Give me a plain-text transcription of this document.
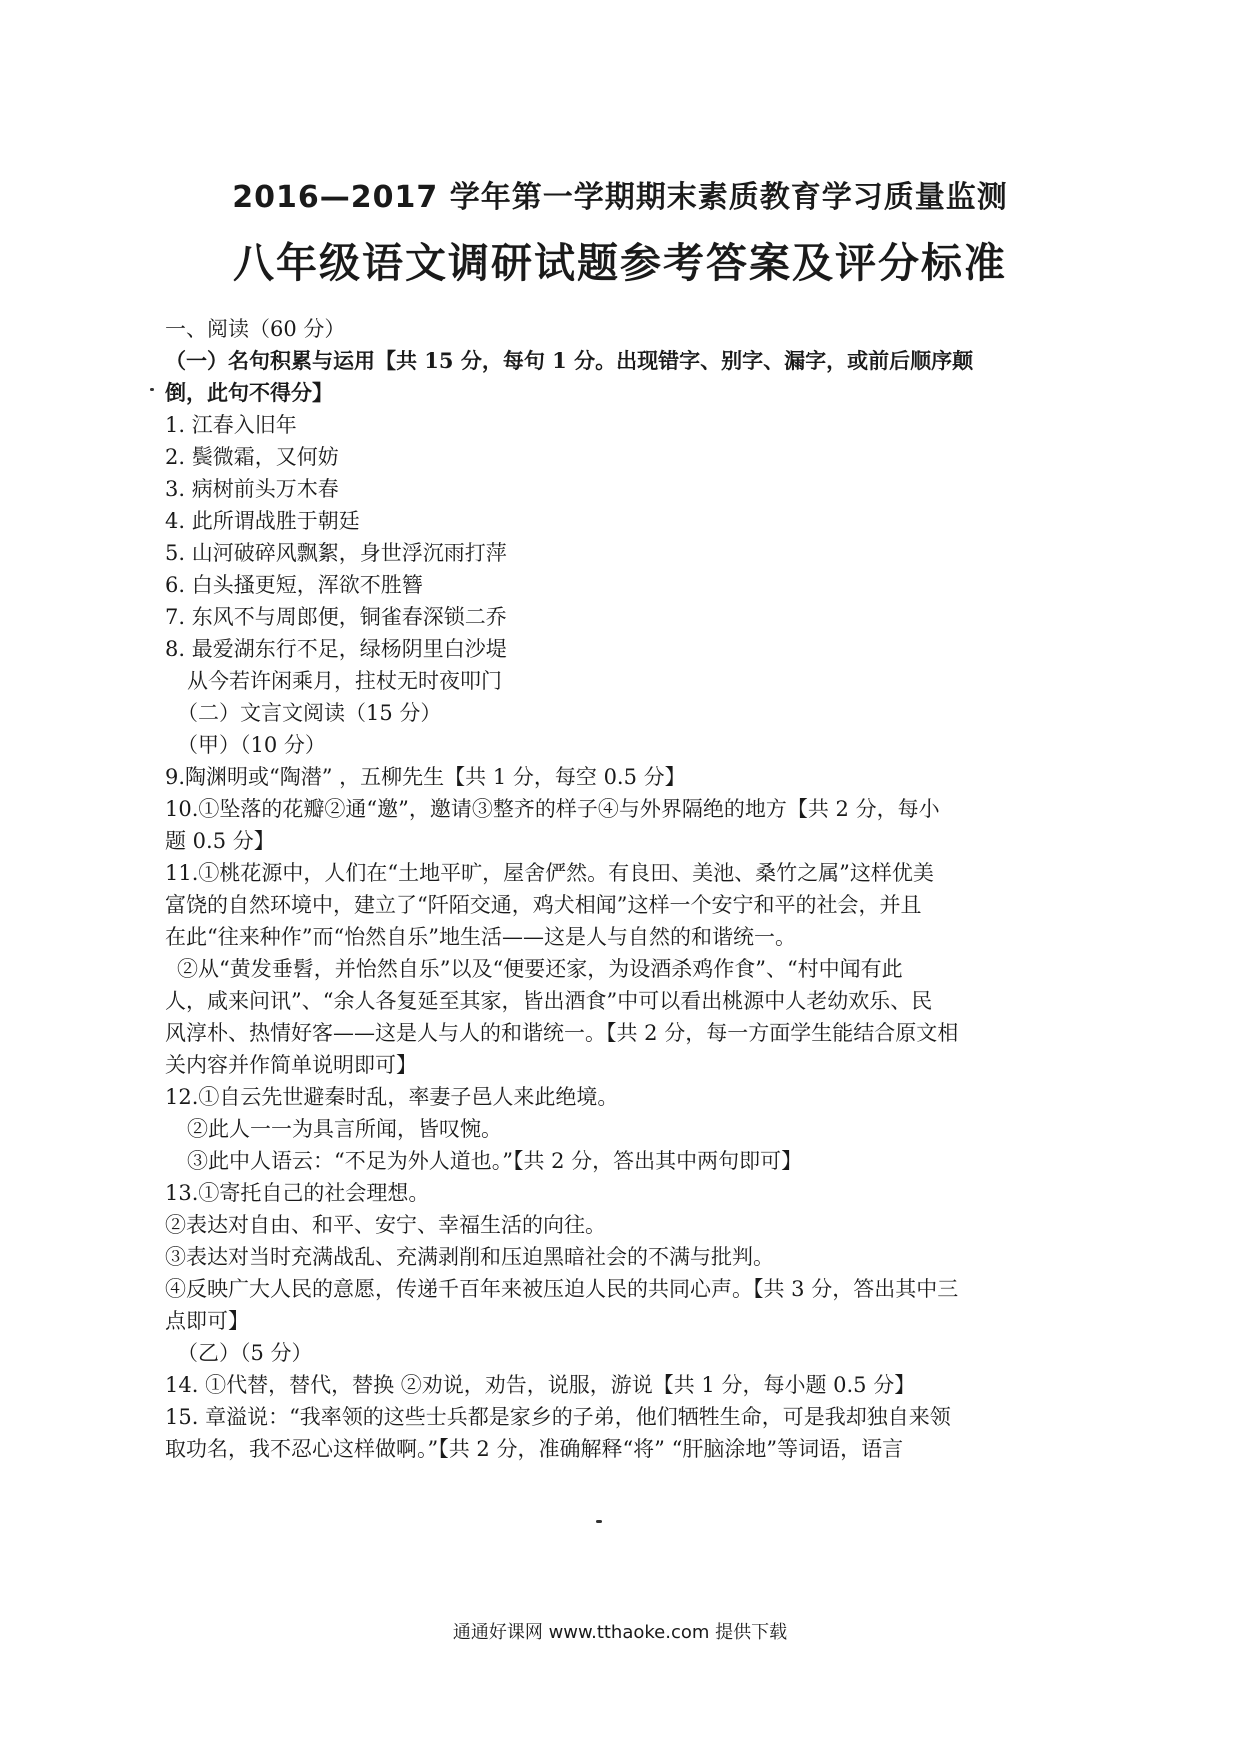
2016—2017 学年第一学期期末素质教育学习质量监测
八年级语文调研试题参考答案及评分标准
一、阅读（60 分）
（一）名句积累与运用【共 15 分，每句 1 分。出现错字、别字、漏字，或前后顺序颠
倒，此句不得分】
1. 江春入旧年
2. 鬓微霜，又何妨
3. 病树前头万木春
4. 此所谓战胜于朝廷
5. 山河破碎风飘絮，身世浮沉雨打萍
6. 白头搔更短，浑欲不胜簪
7. 东风不与周郎便，铜雀春深锁二乔
8. 最爱湖东行不足，绿杨阴里白沙堤
从今若许闲乘月，拄杖无时夜叩门
（二）文言文阅读（15 分）
（甲）（10 分）
9.陶渊明或“陶潜” ，五柳先生【共 1 分，每空 0.5 分】
10.①坠落的花瓣②通“邀”，邀请③整齐的样子④与外界隔绝的地方【共 2 分，每小
题 0.5 分】
11.①桃花源中，人们在“土地平旷，屋舍俨然。有良田、美池、桑竹之属”这样优美
富饶的自然环境中，建立了“阡陌交通，鸡犬相闻”这样一个安宁和平的社会，并且
在此“往来种作”而“怡然自乐”地生活——这是人与自然的和谐统一。
②从“黄发垂髫，并怡然自乐”以及“便要还家，为设酒杀鸡作食”、“村中闻有此
人，咸来问讯”、“余人各复延至其家，皆出酒食”中可以看出桃源中人老幼欢乐、民
风淳朴、热情好客——这是人与人的和谐统一。【共 2 分，每一方面学生能结合原文相
关内容并作简单说明即可】
12.①自云先世避秦时乱，率妻子邑人来此绝境。
②此人一一为具言所闻，皆叹惋。
③此中人语云：“不足为外人道也。”【共 2 分，答出其中两句即可】
13.①寄托自己的社会理想。
②表达对自由、和平、安宁、幸福生活的向往。
③表达对当时充满战乱、充满剥削和压迫黑暗社会的不满与批判。
④反映广大人民的意愿，传递千百年来被压迫人民的共同心声。【共 3 分，答出其中三
点即可】
（乙）（5 分）
14. ①代替，替代，替换 ②劝说，劝告，说服，游说【共 1 分，每小题 0.5 分】
15. 章溢说：“我率领的这些士兵都是家乡的子弟，他们牺牲生命，可是我却独自来领
取功名，我不忍心这样做啊。”【共 2 分，准确解释“将” “肝脑涂地”等词语，语言
通通好课网 www.tthaoke.com 提供下载
